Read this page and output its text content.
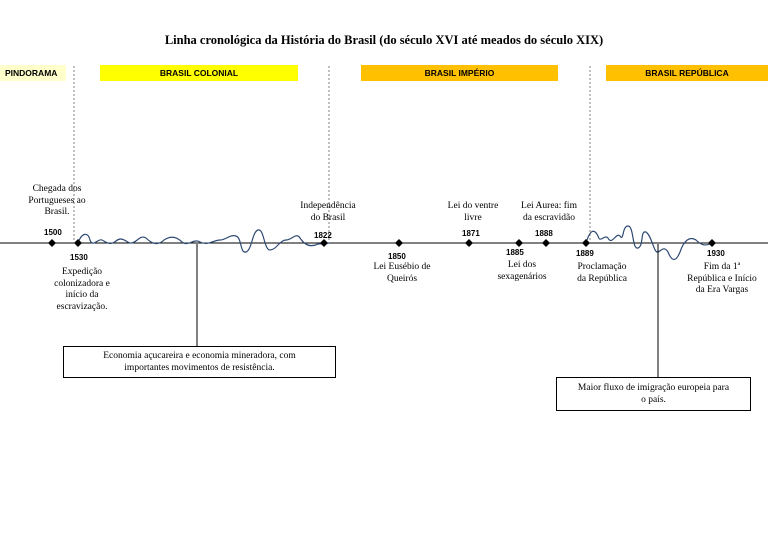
Linha cronológica da História do Brasil (do século XVI até meados do século XIX)
PINDORAMA	BRASIL COLONIAL	BRASIL IMPÉRIO	BRASIL REPÚBLICA
1500
1530
1822
1850
1871
1885
1888
1889	1930
Chegada dos
Portugueses ao
Brasil.
Expedição
colonizadora e
início da
escravização.
Independência
do Brasil
Lei Eusébio de
Queirós
Lei do ventre
livre
Lei dos
sexagenários
Lei Aurea: fim
da escravidão
Proclamação
da República
Fim da 1ª
República e Início
da Era Vargas
Economia açucareira e economia mineradora, com
importantes movimentos de resistência.
Maior fluxo de imigração europeia para
o país.
